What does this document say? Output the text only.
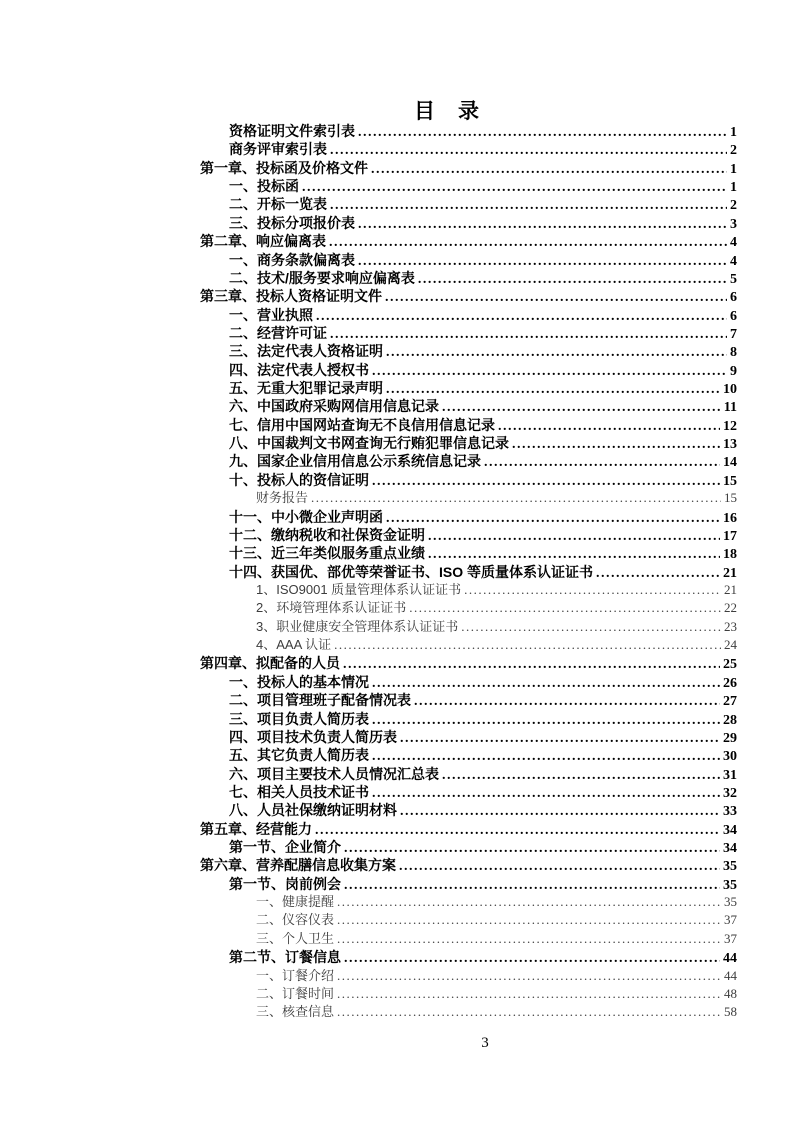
目　录
资格证明文件索引表 .....	1
商务评审索引表 .....	2
第一章、投标函及价格文件 .....	1
一、投标函 .....	1
二、开标一览表 .....	2
三、投标分项报价表 .....	3
第二章、响应偏离表 .....	4
一、商务条款偏离表 .....	4
二、技术/服务要求响应偏离表 .....	5
第三章、投标人资格证明文件 .....	6
一、营业执照 .....	6
二、经营许可证 .....	7
三、法定代表人资格证明 .....	8
四、法定代表人授权书 .....	9
五、无重大犯罪记录声明 .....	10
六、中国政府采购网信用信息记录 .....	11
七、信用中国网站查询无不良信用信息记录 .....	12
八、中国裁判文书网查询无行贿犯罪信息记录 .....	13
九、国家企业信用信息公示系统信息记录 .....	14
十、投标人的资信证明 .....	15
财务报告 .....	15
十一、中小微企业声明函 .....	16
十二、缴纳税收和社保资金证明 .....	17
十三、近三年类似服务重点业绩 .....	18
十四、获国优、部优等荣誉证书、ISO 等质量体系认证证书 .....	21
1、ISO9001 质量管理体系认证证书 .....	21
2、环境管理体系认证证书 .....	22
3、职业健康安全管理体系认证证书 .....	23
4、AAA 认证 .....	24
第四章、拟配备的人员 .....	25
一、投标人的基本情况 .....	26
二、项目管理班子配备情况表 .....	27
三、项目负责人简历表 .....	28
四、项目技术负责人简历表 .....	29
五、其它负责人简历表 .....	30
六、项目主要技术人员情况汇总表 .....	31
七、相关人员技术证书 .....	32
八、人员社保缴纳证明材料 .....	33
第五章、经营能力 .....	34
第一节、企业简介 .....	34
第六章、营养配膳信息收集方案 .....	35
第一节、岗前例会 .....	35
一、健康提醒 .....	35
二、仪容仪表 .....	37
三、个人卫生 .....	37
第二节、订餐信息 .....	44
一、订餐介绍 .....	44
二、订餐时间 .....	48
三、核查信息 .....	58
3
